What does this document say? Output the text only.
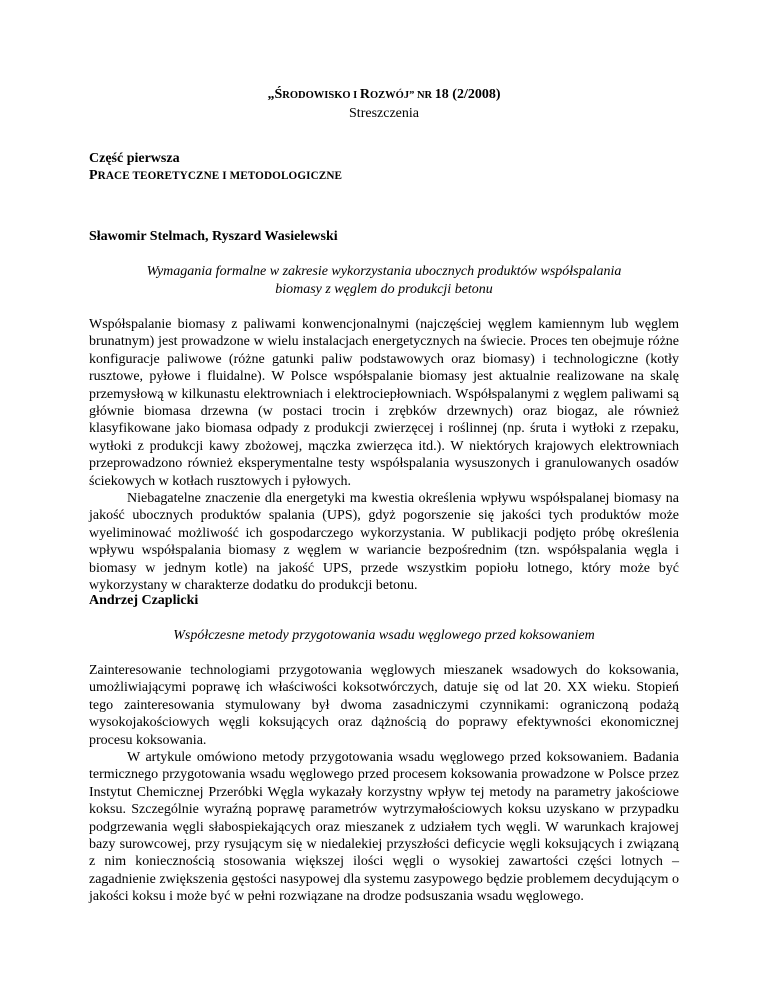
„ŚRODOWISKO I ROZWÓJ” NR 18 (2/2008)
Streszczenia
Część pierwsza
PRACE TEORETYCZNE I METODOLOGICZNE
Sławomir Stelmach, Ryszard Wasielewski
Wymagania formalne w zakresie wykorzystania ubocznych produktów współspalania biomasy z węglem do produkcji betonu

Współspalanie biomasy z paliwami konwencjonalnymi (najczęściej węglem kamiennym lub węglem brunatnym) jest prowadzone w wielu instalacjach energetycznych na świecie. Proces ten obejmuje różne konfiguracje paliwowe (różne gatunki paliw podstawowych oraz biomasy) i technologiczne (kotły rusztowe, pyłowe i fluidalne). W Polsce współspalanie biomasy jest aktualnie realizowane na skalę przemysłową w kilkunastu elektrowniach i elektrociepłowniach. Współspalanymi z węglem paliwami są głównie biomasa drzewna (w postaci trocin i zrębków drzewnych) oraz biogaz, ale również klasyfikowane jako biomasa odpady z produkcji zwierzęcej i roślinnej (np. śruta i wytłoki z rzepaku, wytłoki z produkcji kawy zbożowej, mączka zwierzęca itd.). W niektórych krajowych elektrowniach przeprowadzono również eksperymentalne testy współspalania wysuszonych i granulowanych osadów ściekowych w kotłach rusztowych i pyłowych.

Niebagatelne znaczenie dla energetyki ma kwestia określenia wpływu współspalanej biomasy na jakość ubocznych produktów spalania (UPS), gdyż pogorszenie się jakości tych produktów może wyeliminować możliwość ich gospodarczego wykorzystania. W publikacji podjęto próbę określenia wpływu współspalania biomasy z węglem w wariancie bezpośrednim (tzn. współspalania węgla i biomasy w jednym kotle) na jakość UPS, przede wszystkim popiołu lotnego, który może być wykorzystany w charakterze dodatku do produkcji betonu.

Andrzej Czaplicki
Współczesne metody przygotowania wsadu węglowego przed koksowaniem

Zainteresowanie technologiami przygotowania węglowych mieszanek wsadowych do koksowania, umożliwiającymi poprawę ich właściwości koksotwórczych, datuje się od lat 20. XX wieku. Stopień tego zainteresowania stymulowany był dwoma zasadniczymi czynnikami: ograniczoną podażą wysokojakościowych węgli koksujących oraz dążnością do poprawy efektywności ekonomicznej procesu koksowania.

W artykule omówiono metody przygotowania wsadu węglowego przed koksowaniem. Badania termicznego przygotowania wsadu węglowego przed procesem koksowania prowadzone w Polsce przez Instytut Chemicznej Przeróbki Węgla wykazały korzystny wpływ tej metody na parametry jakościowe koksu. Szczególnie wyraźną poprawę parametrów wytrzymałościowych koksu uzyskano w przypadku podgrzewania węgli słabospiekających oraz mieszanek z udziałem tych węgli. W warunkach krajowej bazy surowcowej, przy rysującym się w niedalekiej przyszłości deficycie węgli koksujących i związaną z nim koniecznością stosowania większej ilości węgli o wysokiej zawartości części lotnych – zagadnienie zwiększenia gęstości nasypowej dla systemu zasypowego będzie problemem decydującym o jakości koksu i może być w pełni rozwiązane na drodze podsuszania wsadu węglowego.
